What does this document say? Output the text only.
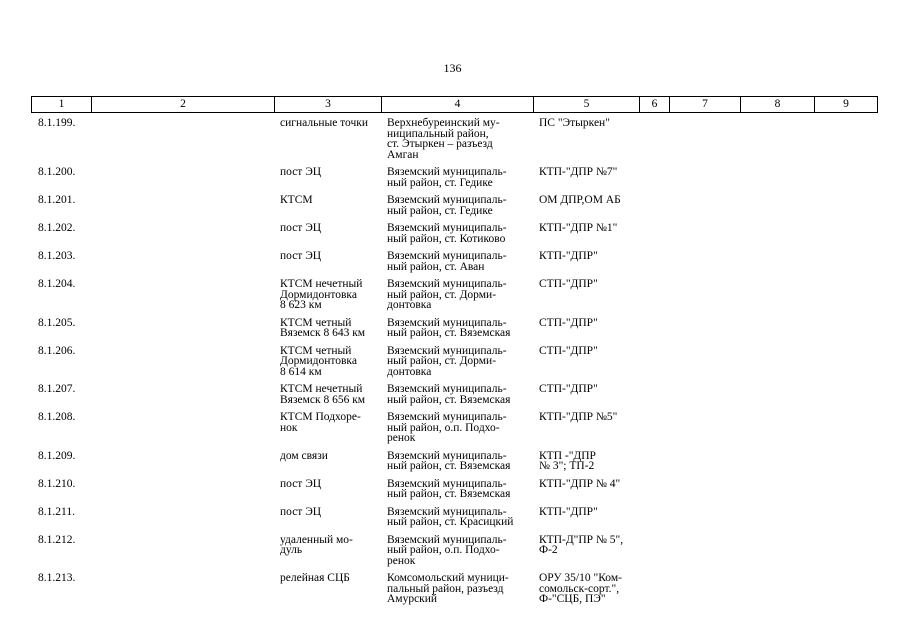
136
1	2	3	4	5	6	7	8	9
8.1.199.		сигнальные точки	Верхнебуреинский му-
ниципальный район,
ст. Этыркен – разъезд
Амган	ПС "Этыркен"				
8.1.200.		пост ЭЦ	Вяземский муниципаль-
ный район, ст. Гедике	КТП-"ДПР №7"				
8.1.201.		КТСМ	Вяземский муниципаль-
ный район, ст. Гедике	ОМ ДПР,ОМ АБ				
8.1.202.		пост ЭЦ	Вяземский муниципаль-
ный район, ст. Котиково	КТП-"ДПР №1"				
8.1.203.		пост ЭЦ	Вяземский муниципаль-
ный район, ст. Аван	КТП-"ДПР"				
8.1.204.		КТСМ нечетный
Дормидонтовка
8 623 км	Вяземский муниципаль-
ный район, ст. Дорми-
донтовка	СТП-"ДПР"				
8.1.205.		КТСМ четный
Вяземск 8 643 км	Вяземский муниципаль-
ный район, ст. Вяземская	СТП-"ДПР"				
8.1.206.		КТСМ четный
Дормидонтовка
8 614 км	Вяземский муниципаль-
ный район, ст. Дорми-
донтовка	СТП-"ДПР"				
8.1.207.		КТСМ нечетный
Вяземск 8 656 км	Вяземский муниципаль-
ный район, ст. Вяземская	СТП-"ДПР"				
8.1.208.		КТСМ Подхоре-
нок	Вяземский муниципаль-
ный район, о.п. Подхо-
ренок	КТП-"ДПР №5"				
8.1.209.		дом связи	Вяземский муниципаль-
ный район, ст. Вяземская	КТП -"ДПР
№ 3"; ТП-2				
8.1.210.		пост ЭЦ	Вяземский муниципаль-
ный район, ст. Вяземская	КТП-"ДПР № 4"				
8.1.211.		пост ЭЦ	Вяземский муниципаль-
ный район, ст. Красицкий	КТП-"ДПР"				
8.1.212.		удаленный мо-
дуль	Вяземский муниципаль-
ный район, о.п. Подхо-
ренок	КТП-Д"ПР № 5",
Ф-2				
8.1.213.		релейная СЦБ	Комсомольский муници-
пальный район, разъезд
Амурский	ОРУ 35/10 "Ком-
сомольск-сорт.",
Ф-"СЦБ, ПЭ"				
